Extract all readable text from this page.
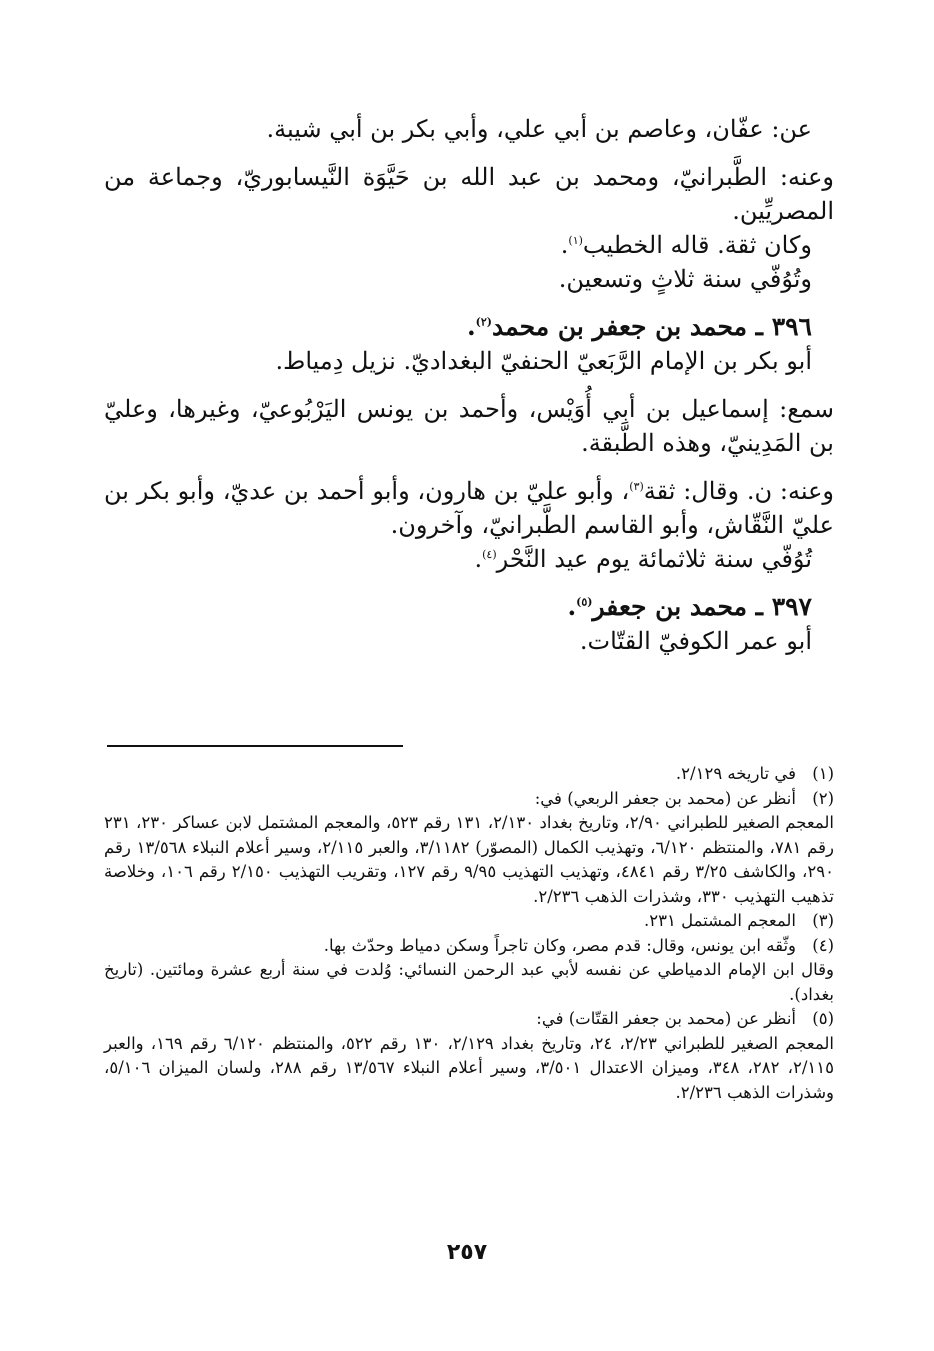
عن: عفّان، وعاصم بن أبي علي، وأبي بكر بن أبي شيبة.

وعنه: الطَّبرانيّ، ومحمد بن عبد الله بن حَيَّوَة النَّيسابوريّ، وجماعة من المصريِّين.

وكان ثقة. قاله الخطيب$^{(١)}$.

وتُوُفّي سنة ثلاثٍ وتسعين.

٣٩٦ ـ محمد بن جعفر بن محمد$^{(٢)}$.

أبو بكر بن الإمام الرَّبَعيّ الحنفيّ البغداديّ. نزيل دِمياط.

سمع: إسماعيل بن أبي أُوَيْس، وأحمد بن يونس اليَرْبُوعيّ، وغيرها، وعليّ بن المَدِينيّ، وهذه الطَّبقة.

وعنه: ن. وقال: ثقة$^{(٣)}$، وأبو عليّ بن هارون، وأبو أحمد بن عديّ، وأبو بكر بن عليّ النَّقّاش، وأبو القاسم الطَّبرانيّ، وآخرون.

تُوُفّي سنة ثلاثمائة يوم عيد النَّحْر$^{(٤)}$.

٣٩٧ ـ محمد بن جعفر$^{(٥)}$.

أبو عمر الكوفيّ القتّات.

(١)

في تاريخه ٢/١٢٩.

(٢)

أنظر عن (محمد بن جعفر الربعي) في:

المعجم الصغير للطبراني ٢/٩٠، وتاريخ بغداد ٢/١٣٠، ١٣١ رقم ٥٢٣، والمعجم المشتمل لابن عساكر ٢٣٠، ٢٣١ رقم ٧٨١، والمنتظم ٦/١٢٠، وتهذيب الكمال (المصوّر) ٣/١١٨٢، والعبر ٢/١١٥، وسير أعلام النبلاء ١٣/٥٦٨ رقم ٢٩٠، والكاشف ٣/٢٥ رقم ٤٨٤١، وتهذيب التهذيب ٩/٩٥ رقم ١٢٧، وتقريب التهذيب ٢/١٥٠ رقم ١٠٦، وخلاصة تذهيب التهذيب ٣٣٠، وشذرات الذهب ٢/٢٣٦.

(٣)

المعجم المشتمل ٢٣١.

(٤)

وثّقه ابن يونس، وقال: قدم مصر، وكان تاجراً وسكن دمياط وحدّث بها.

وقال ابن الإمام الدمياطي عن نفسه لأبي عبد الرحمن النسائي: وُلدت في سنة أربع عشرة ومائتين. (تاريخ بغداد).

(٥)

أنظر عن (محمد بن جعفر القتّات) في:

المعجم الصغير للطبراني ٢/٢٣، ٢٤، وتاريخ بغداد ٢/١٢٩، ١٣٠ رقم ٥٢٢، والمنتظم ٦/١٢٠ رقم ١٦٩، والعبر ٢/١١٥، ٢٨٢، ٣٤٨، وميزان الاعتدال ٣/٥٠١، وسير أعلام النبلاء ١٣/٥٦٧ رقم ٢٨٨، ولسان الميزان ٥/١٠٦، وشذرات الذهب ٢/٢٣٦.

٢٥٧
